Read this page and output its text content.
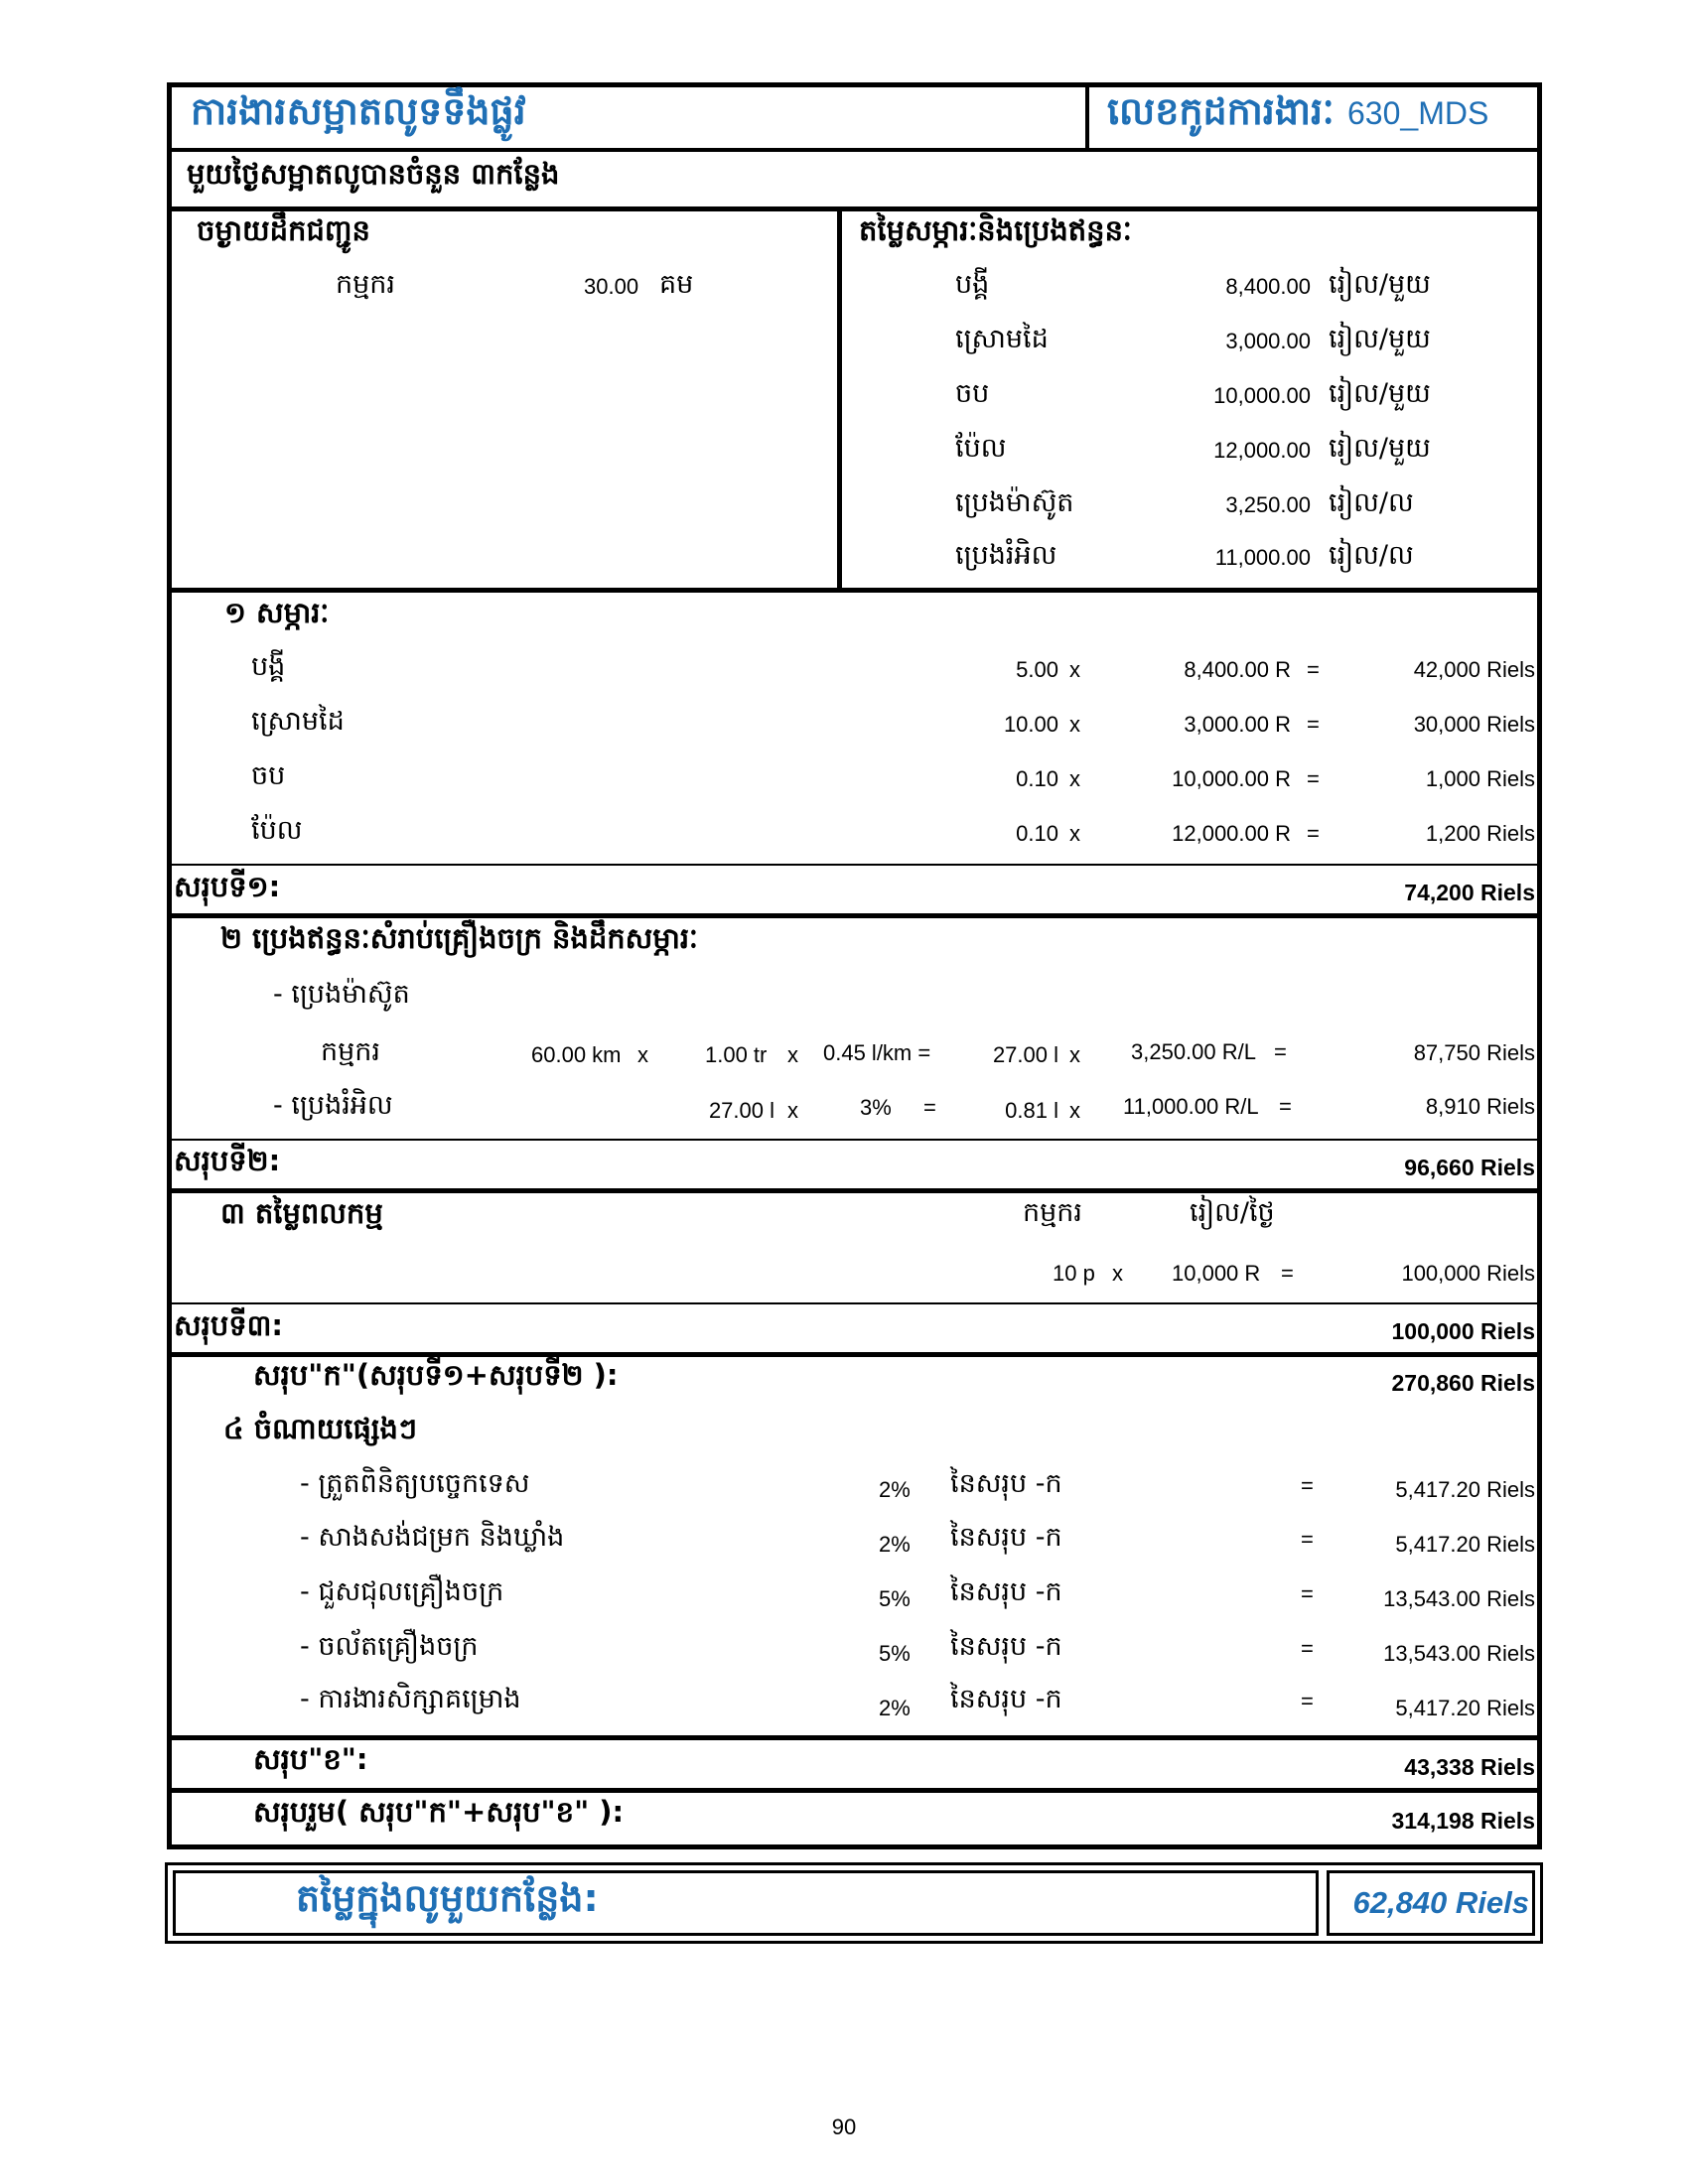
ការងារសម្អាតលូទទឹងផ្លូវ	លេខកូដការងារៈ 630_MDS
មួយថ្ងៃសម្អាតលូបានចំនួន ៣កន្លែង
ចម្ងាយដឹកជញ្ជូន
កម្មករ	30.00 គម
តម្លៃសម្ភារៈនិងប្រេងឥន្ធនៈ
បង្គី	8,400.00 រៀល/មួយ
ស្រោមដៃ	3,000.00 រៀល/មួយ
ចប	10,000.00 រៀល/មួយ
ប៉ែល	12,000.00 រៀល/មួយ
ប្រេងម៉ាស៊ូត	3,250.00 រៀល/ល
ប្រេងរំអិល	11,000.00 រៀល/ល
១ សម្ភារៈ
បង្គី	5.00 x	8,400.00 R =	42,000 Riels
ស្រោមដៃ	10.00 x	3,000.00 R =	30,000 Riels
ចប	0.10 x	10,000.00 R =	1,000 Riels
ប៉ែល	0.10 x	12,000.00 R =	1,200 Riels
សរុបទី១:	74,200 Riels
២ ប្រេងឥន្ធនៈសំរាប់គ្រឿងចក្រ និងដឹកសម្ភារៈ
- ប្រេងម៉ាស៊ូត
កម្មករ	60.00 km x	1.00 tr x 0.45 l/km =	27.00 l x 3,250.00 R/L =	87,750 Riels
- ប្រេងរំអិល	27.00 l x	3% =	0.81 l x 11,000.00 R/L =	8,910 Riels
សរុបទី២:	96,660 Riels
៣ តម្លៃពលកម្ម	កម្មករ	រៀល/ថ្ងៃ
10 p x 10,000 R =	100,000 Riels
សរុបទី៣:	100,000 Riels
សរុប"ក"(សរុបទី១+សរុបទី២ ):	270,860 Riels
៤ ចំណាយផ្សេងៗ
- ត្រួតពិនិត្យបច្ចេកទេស	2% នៃសរុប -ក	=	5,417.20 Riels
- សាងសង់ជម្រក និងឃ្លាំង	2% នៃសរុប -ក	=	5,417.20 Riels
- ជួសជុលគ្រឿងចក្រ	5% នៃសរុប -ក	=	13,543.00 Riels
- ចល័តគ្រឿងចក្រ	5% នៃសរុប -ក	=	13,543.00 Riels
- ការងារសិក្សាគម្រោង	2% នៃសរុប -ក	=	5,417.20 Riels
សរុប"ខ":	43,338 Riels
សរុបរួម( សរុប"ក"+សរុប"ខ" ):	314,198 Riels
តម្លៃក្នុងលូមួយកន្លែង:	62,840 Riels
90
